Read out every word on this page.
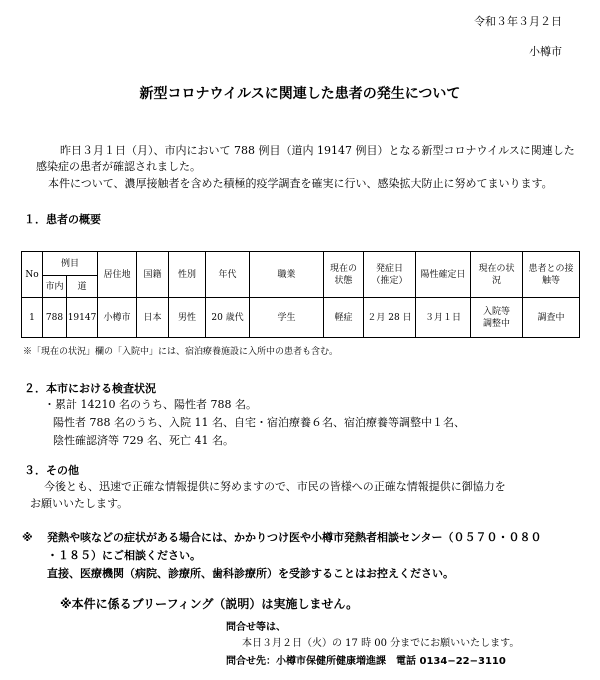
令和３年３月２日
小樽市
新型コロナウイルスに関連した患者の発生について
昨日３月１日（月）、市内において 788 例目（道内 19147 例目）となる新型コロナウイルスに関連した
感染症の患者が確認されました。
本件について、濃厚接触者を含めた積極的疫学調査を確実に行い、感染拡大防止に努めてまいります。
１．患者の概要
No	例目		居住地	国籍	性別	年代	職業	現在の状態	発症日（推定）	陽性確定日	現在の状況	患者との接触等
	市内	道										
1	788	19147	小樽市	日本	男性	20 歳代	学生	軽症	２月 28 日	３月１日	入院等調整中	調査中
※「現在の状況」欄の「入院中」には、宿泊療養施設に入所中の患者も含む。
２．本市における検査状況
・累計 14210 名のうち、陽性者 788 名。
陽性者 788 名のうち、入院 11 名、自宅・宿泊療養６名、宿泊療養等調整中１名、
陰性確認済等 729 名、死亡 41 名。
３．その他
今後とも、迅速で正確な情報提供に努めますので、市民の皆様への正確な情報提供に御協力を
お願いいたします。
※ 発熱や咳などの症状がある場合には、かかりつけ医や小樽市発熱者相談センター（０５７０・０８０
・１８５）にご相談ください。
直接、医療機関（病院、診療所、歯科診療所）を受診することはお控えください。
※本件に係るブリーフィング（説明）は実施しません。
問合せ等は、
本日３月２日（火）の 17 時 00 分までにお願いいたします。
問合せ先：小樽市保健所健康増進課　電話 0134−22−3110
